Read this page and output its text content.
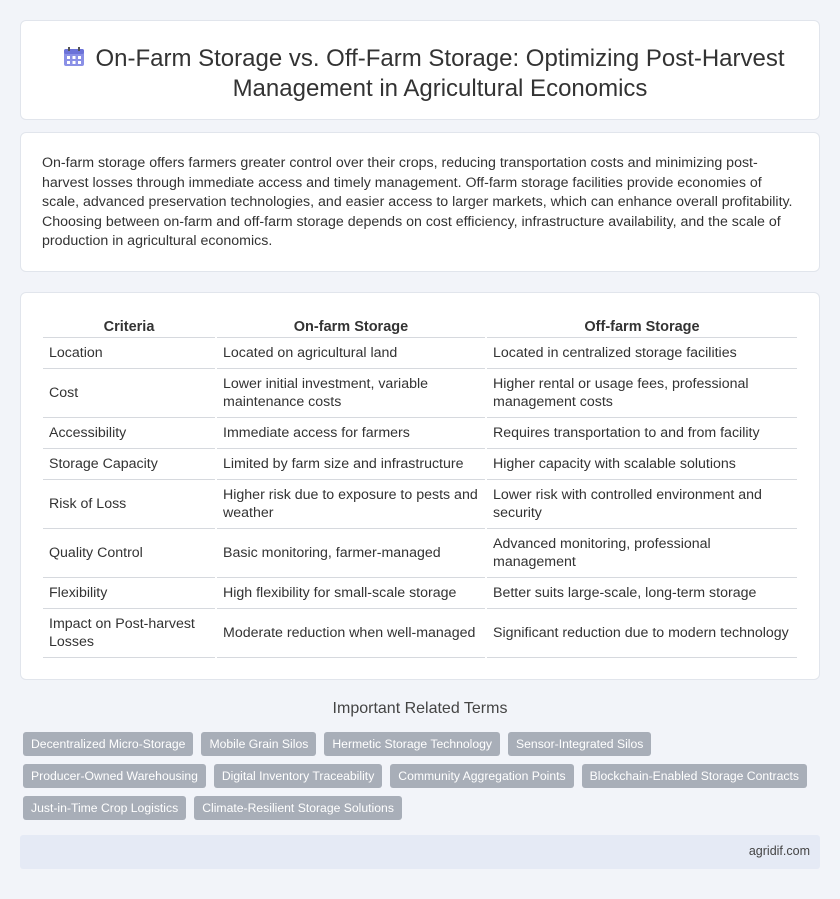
On-Farm Storage vs. Off-Farm Storage: Optimizing Post-Harvest Management in Agricultural Economics

On-farm storage offers farmers greater control over their crops, reducing transportation costs and minimizing post-harvest losses through immediate access and timely management. Off-farm storage facilities provide economies of scale, advanced preservation technologies, and easier access to larger markets, which can enhance overall profitability. Choosing between on-farm and off-farm storage depends on cost efficiency, infrastructure availability, and the scale of production in agricultural economics.

Criteria	On-farm Storage	Off-farm Storage
Location	Located on agricultural land	Located in centralized storage facilities
Cost	Lower initial investment, variable maintenance costs	Higher rental or usage fees, professional management costs
Accessibility	Immediate access for farmers	Requires transportation to and from facility
Storage Capacity	Limited by farm size and infrastructure	Higher capacity with scalable solutions
Risk of Loss	Higher risk due to exposure to pests and weather	Lower risk with controlled environment and security
Quality Control	Basic monitoring, farmer-managed	Advanced monitoring, professional management
Flexibility	High flexibility for small-scale storage	Better suits large-scale, long-term storage
Impact on Post-harvest Losses	Moderate reduction when well-managed	Significant reduction due to modern technology
Important Related Terms
Decentralized Micro-Storage	Mobile Grain Silos	Hermetic Storage Technology	Sensor-Integrated Silos
Producer-Owned Warehousing	Digital Inventory Traceability	Community Aggregation Points	Blockchain-Enabled Storage Contracts
Just-in-Time Crop Logistics	Climate-Resilient Storage Solutions
agridif.com
